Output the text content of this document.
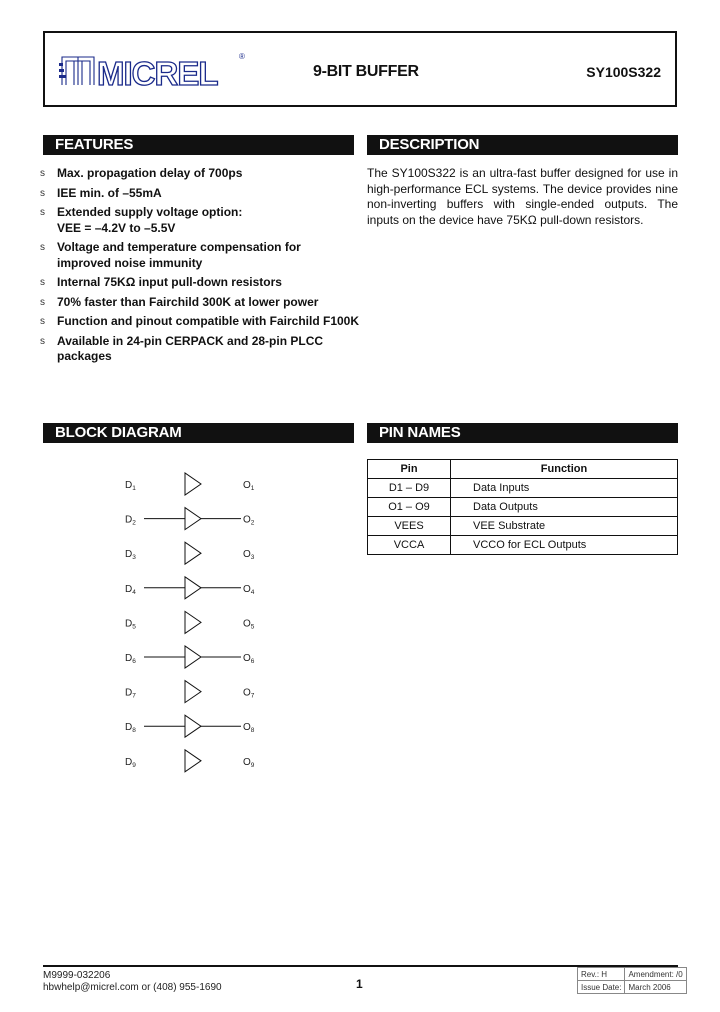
MICREL	®
9-BIT BUFFER	SY100S322
FEATURES	DESCRIPTION
BLOCK DIAGRAM	PIN NAMES
s Max. propagation delay of 700ps
s IEE min. of –55mA
s Extended supply voltage option:
VEE = –4.2V to –5.5V
s Voltage and temperature compensation for
improved noise immunity
s Internal 75KΩ input pull-down resistors
s 70% faster than Fairchild 300K at lower power
s Function and pinout compatible with Fairchild F100K
s Available in 24-pin CERPACK and 28-pin PLCC
packages

The SY100S322 is an ultra-fast buffer designed for use in high-performance ECL systems. The device provides nine non-inverting buffers with single-ended outputs. The inputs on the device have 75KΩ pull-down resistors.

$D_1$	$O_1$
$D_2$	$O_2$
$D_3$	$O_3$
$D_4$	$O_4$
$D_5$	$O_5$
$D_6$	$O_6$
$D_7$	$O_7$
$D_8$	$O_8$
$D_9$	$O_9$
Pin	Function
D1 – D9	Data Inputs
O1 – O9	Data Outputs
VEES	VEE Substrate
VCCA	VCCO for ECL Outputs
M9999-032206
hbwhelp@micrel.com or (408) 955-1690	1
Rev.: H	Amendment: /0
Issue Date:	March 2006
